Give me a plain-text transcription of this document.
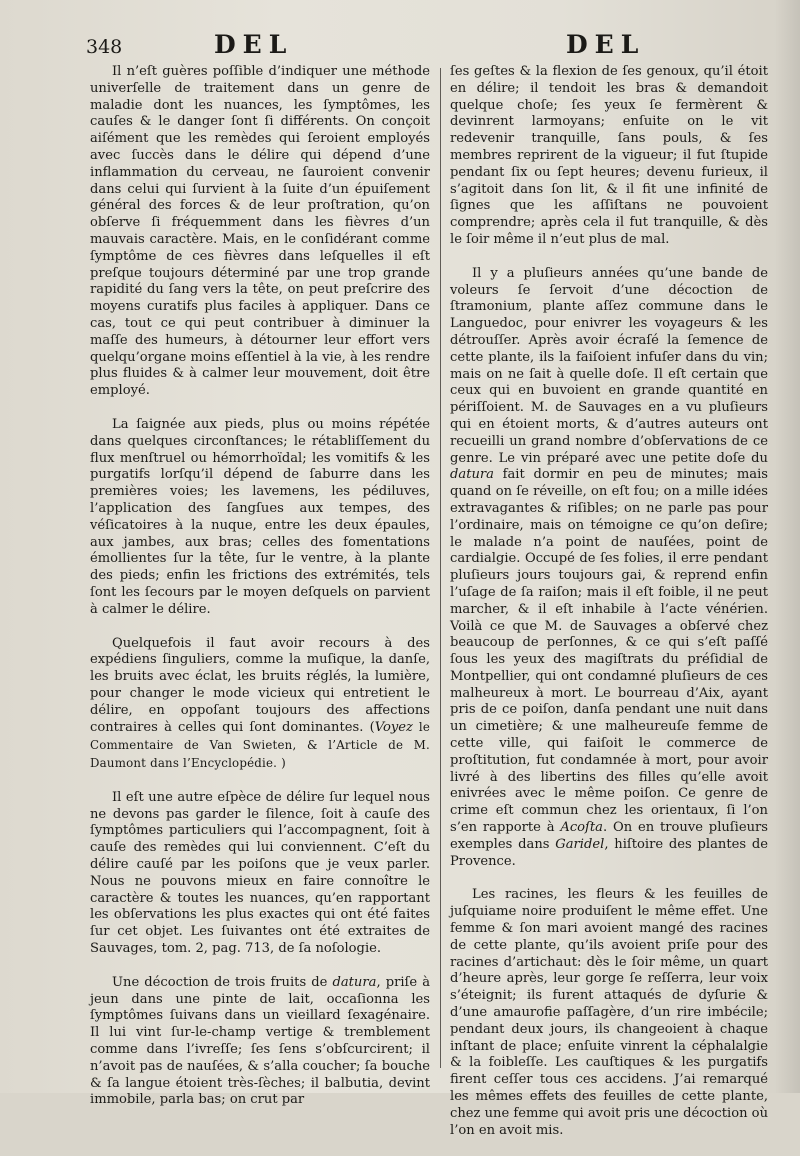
348	DEL	DEL

Il n’eſt guères poſſible d’indiquer une méthode univerſelle de traitement dans un genre de maladie dont les nuances, les ſymptômes, les cauſes & le danger ſont ſi différents. On conçoit aiſément que les remèdes qui ſeroient employés avec ſuccès dans le délire qui dépend d’une inflammation du cerveau, ne ſauroient convenir dans celui qui ſurvient à la ſuite d’un épuiſement général des forces & de leur proſtration, qu’on obſerve ſi fréquemment dans les fièvres d’un mauvais caractère. Mais, en le conſidérant comme ſymptôme de ces fièvres dans leſquelles il eſt preſque toujours déterminé par une trop grande rapidité du ſang vers la tête, on peut preſcrire des moyens curatifs plus faciles à appliquer. Dans ce cas, tout ce qui peut contribuer à diminuer la maſſe des humeurs, à détourner leur effort vers quelqu’organe moins eſſentiel à la vie, à les rendre plus fluides & à calmer leur mouvement, doit être employé.

La ſaignée aux pieds, plus ou moins répétée dans quelques circonſtances; le rétabliſſement du flux menſtruel ou hémorrhoïdal; les vomitifs & les purgatifs lorſqu’il dépend de ſaburre dans les premières voies; les lavemens, les pédiluves, l’application des ſangſues aux tempes, des véſicatoires à la nuque, entre les deux épaules, aux jambes, aux bras; celles des fomentations émollientes ſur la tête, ſur le ventre, à la plante des pieds; enfin les frictions des extrémités, tels ſont les ſecours par le moyen deſquels on parvient à calmer le délire.

Quelquefois il faut avoir recours à des expédiens ſinguliers, comme la muſique, la danſe, les bruits avec éclat, les bruits réglés, la lumière, pour changer le mode vicieux qui entretient le délire, en oppoſant toujours des affections contraires à celles qui ſont dominantes. (Voyez le Commentaire de Van Swieten, & l’Article de M. Daumont dans l’Encyclopédie. )

Il eſt une autre eſpèce de délire ſur lequel nous ne devons pas garder le ſilence, ſoit à cauſe des ſymptômes particuliers qui l’accompagnent, ſoit à cauſe des remèdes qui lui conviennent. C’eſt du délire cauſé par les poiſons que je veux parler. Nous ne pouvons mieux en faire connoître le caractère & toutes les nuances, qu’en rapportant les obſervations les plus exactes qui ont été faites ſur cet objet. Les ſuivantes ont été extraites de Sauvages, tom. 2, pag. 713, de ſa noſologie.

Une décoction de trois fruits de datura, priſe à jeun dans une pinte de lait, occaſionna les ſymptômes ſuivans dans un vieillard ſexagénaire. Il lui vint ſur-le-champ vertige & tremblement comme dans l’ivreſſe; ſes ſens s’obſcurcirent; il n’avoit pas de nauſées, & s’alla coucher; ſa bouche & ſa langue étoient très-ſèches; il balbutia, devint immobile, parla bas; on crut par

ſes geſtes & la flexion de ſes genoux, qu’il étoit en délire; il tendoit les bras & demandoit quelque choſe; ſes yeux ſe fermèrent & devinrent larmoyans; enſuite on le vit redevenir tranquille, ſans pouls, & ſes membres reprirent de la vigueur; il fut ſtupide pendant ſix ou ſept heures; devenu furieux, il s’agitoit dans ſon lit, & il fit une infinité de ſignes que les aſſiſtans ne pouvoient comprendre; après cela il fut tranquille, & dès le ſoir même il n’eut plus de mal.

Il y a pluſieurs années qu’une bande de voleurs ſe ſervoit d’une décoction de ſtramonium, plante aſſez commune dans le Languedoc, pour enivrer les voyageurs & les détrouſſer. Après avoir écraſé la ſemence de cette plante, ils la faiſoient infuſer dans du vin; mais on ne ſait à quelle doſe. Il eſt certain que ceux qui en buvoient en grande quantité en périſſoient. M. de Sauvages en a vu pluſieurs qui en étoient morts, & d’autres auteurs ont recueilli un grand nombre d’obſervations de ce genre. Le vin préparé avec une petite doſe du datura fait dormir en peu de minutes; mais quand on ſe réveille, on eſt fou; on a mille idées extravagantes & riſibles; on ne parle pas pour l’ordinaire, mais on témoigne ce qu’on deſire; le malade n’a point de nauſées, point de cardialgie. Occupé de ſes folies, il erre pendant pluſieurs jours toujours gai, & reprend enfin l’uſage de ſa raiſon; mais il eſt foible, il ne peut marcher, & il eſt inhabile à l’acte vénérien. Voilà ce que M. de Sauvages a obſervé chez beaucoup de perſonnes, & ce qui s’eſt paſſé ſous les yeux des magiſtrats du préſidial de Montpellier, qui ont condamné pluſieurs de ces malheureux à mort. Le bourreau d’Aix, ayant pris de ce poiſon, danſa pendant une nuit dans un cimetière; & une malheureuſe femme de cette ville, qui faiſoit le commerce de proſtitution, fut condamnée à mort, pour avoir livré à des libertins des filles qu’elle avoit enivrées avec le même poiſon. Ce genre de crime eſt commun chez les orientaux, ſi l’on s’en rapporte à Acoſta. On en trouve pluſieurs exemples dans Garidel, hiſtoire des plantes de Provence.

Les racines, les fleurs & les feuilles de juſquiame noire produiſent le même effet. Une femme & ſon mari avoient mangé des racines de cette plante, qu’ils avoient priſe pour des racines d’artichaut: dès le ſoir même, un quart d’heure après, leur gorge ſe reſſerra, leur voix s’éteignit; ils furent attaqués de dyſurie & d’une amaurofie paſſagère, d’un rire imbécile; pendant deux jours, ils changeoient à chaque inſtant de place; enſuite vinrent la céphalalgie & la foibleſſe. Les cauſtiques & les purgatifs firent ceſſer tous ces accidens. J’ai remarqué les mêmes effets des feuilles de cette plante, chez une femme qui avoit pris une décoction où l’on en avoit mis.
